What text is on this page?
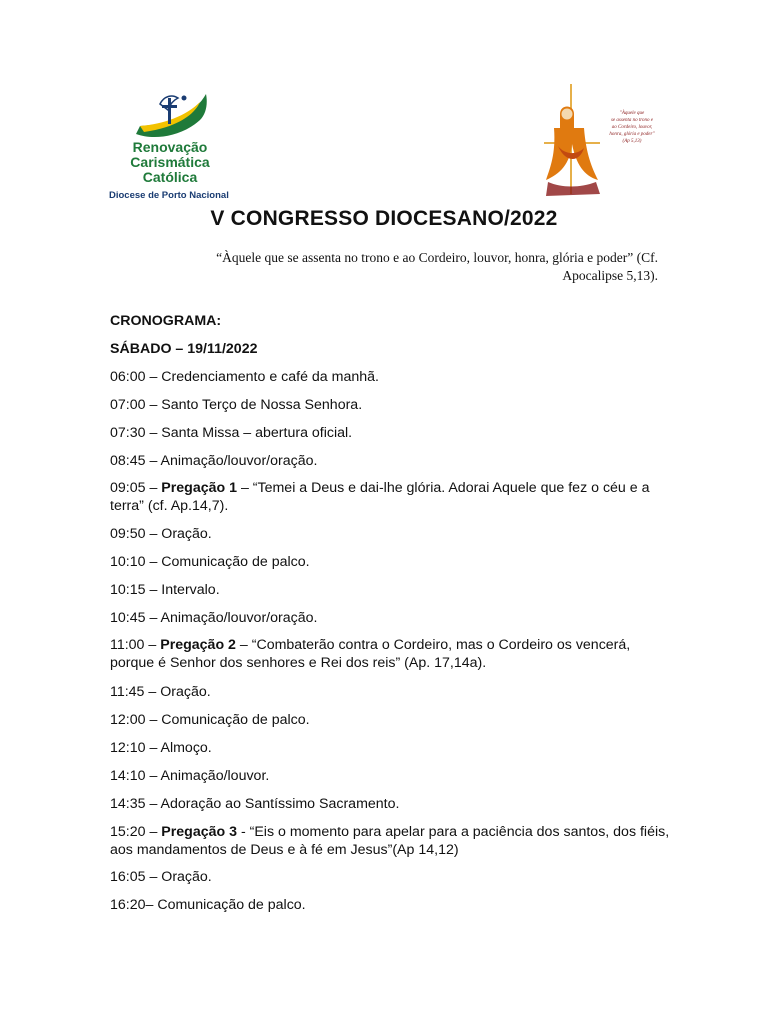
Renovação
Carismática
Católica
Diocese de Porto Nacional
"Àquele que
se assenta no trono e
ao Cordeiro, louvor,
honra, glória e poder"
(Ap 5,13)
V CONGRESSO DIOCESANO/2022
“Àquele que se assenta no trono e ao Cordeiro, louvor, honra, glória e poder” (Cf.
Apocalipse 5,13).
CRONOGRAMA:
SÁBADO – 19/11/2022
06:00 – Credenciamento e café da manhã.
07:00 – Santo Terço de Nossa Senhora.
07:30 – Santa Missa – abertura oficial.
08:45 – Animação/louvor/oração.
09:05 – Pregação 1 – “Temei a Deus e dai-lhe glória. Adorai Aquele que fez o céu e a terra” (cf. Ap.14,7).
09:50 – Oração.
10:10 – Comunicação de palco.
10:15 – Intervalo.
10:45 – Animação/louvor/oração.
11:00 – Pregação 2 – “Combaterão contra o Cordeiro, mas o Cordeiro os vencerá, porque é Senhor dos senhores e Rei dos reis” (Ap. 17,14a).
11:45 – Oração.
12:00 – Comunicação de palco.
12:10 – Almoço.
14:10 – Animação/louvor.
14:35 – Adoração ao Santíssimo Sacramento.
15:20 – Pregação 3 - “Eis o momento para apelar para a paciência dos santos, dos fiéis, aos mandamentos de Deus e à fé em Jesus”(Ap 14,12)
16:05 – Oração.
16:20– Comunicação de palco.
